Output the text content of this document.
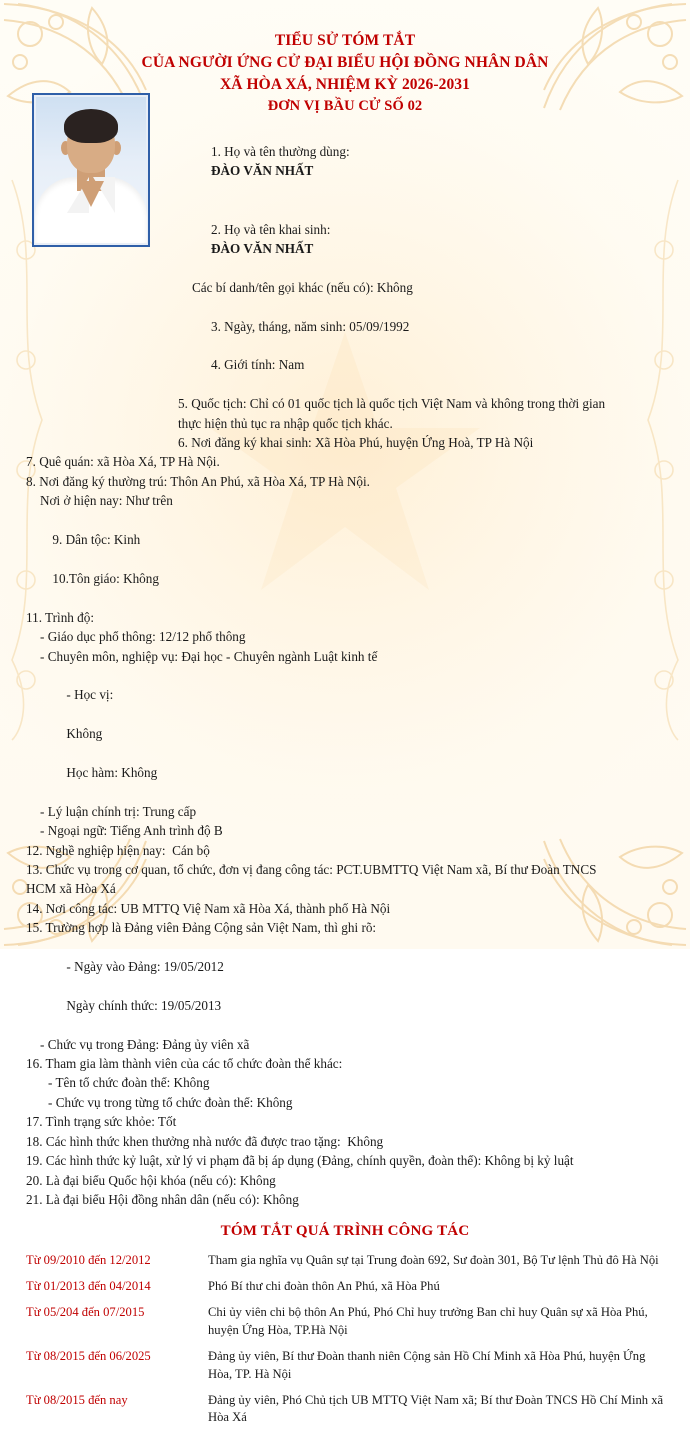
TIỂU SỬ TÓM TẮT
CỦA NGƯỜI ỨNG CỬ ĐẠI BIỂU HỘI ĐỒNG NHÂN DÂN
XÃ HÒA XÁ, NHIỆM KỲ 2026-2031
ĐƠN VỊ BẦU CỬ SỐ 02

1. Họ và tên thường dùng:
ĐÀO VĂN NHẤT

2. Họ và tên khai sinh:
ĐÀO VĂN NHẤT

Các bí danh/tên gọi khác (nếu có): Không

3. Ngày, tháng, năm sinh: 05/09/1992

4. Giới tính: Nam

5. Quốc tịch: Chỉ có 01 quốc tịch là quốc tịch Việt Nam và không trong thời gian
thực hiện thủ tục ra nhập quốc tịch khác.
6. Nơi đăng ký khai sinh: Xã Hòa Phú, huyện Ứng Hoà, TP Hà Nội
7. Quê quán: xã Hòa Xá, TP Hà Nội.
8. Nơi đăng ký thường trú: Thôn An Phú, xã Hòa Xá, TP Hà Nội.
Nơi ở hiện nay: Như trên

9. Dân tộc: Kinh

10.Tôn giáo: Không

11. Trình độ:
- Giáo dục phổ thông: 12/12 phổ thông
- Chuyên môn, nghiệp vụ: Đại học - Chuyên ngành Luật kinh tế

- Học vị:

Không

Học hàm: Không

- Lý luận chính trị: Trung cấp
- Ngoại ngữ: Tiếng Anh trình độ B
12. Nghề nghiệp hiện nay:  Cán bộ
13. Chức vụ trong cơ quan, tổ chức, đơn vị đang công tác: PCT.UBMTTQ Việt Nam xã, Bí thư Đoàn TNCS
HCM xã Hòa Xá
14. Nơi công tác: UB MTTQ Việ Nam xã Hòa Xá, thành phố Hà Nội
15. Trường hợp là Đảng viên Đảng Cộng sản Việt Nam, thì ghi rõ:

- Ngày vào Đảng: 19/05/2012

Ngày chính thức: 19/05/2013

- Chức vụ trong Đảng: Đảng ủy viên xã
16. Tham gia làm thành viên của các tổ chức đoàn thể khác:
- Tên tổ chức đoàn thể: Không
- Chức vụ trong từng tổ chức đoàn thể: Không
17. Tình trạng sức khỏe: Tốt
18. Các hình thức khen thưởng nhà nước đã được trao tặng:  Không
19. Các hình thức kỷ luật, xử lý vi phạm đã bị áp dụng (Đảng, chính quyền, đoàn thể): Không bị kỷ luật
20. Là đại biểu Quốc hội khóa (nếu có): Không
21. Là đại biểu Hội đồng nhân dân (nếu có): Không
TÓM TẮT QUÁ TRÌNH CÔNG TÁC
Từ 09/2010 đến 12/2012	Tham gia nghĩa vụ Quân sự tại Trung đoàn 692, Sư đoàn 301, Bộ Tư lệnh Thủ đô Hà Nội
Từ 01/2013 đến 04/2014	Phó Bí thư chi đoàn thôn An Phú, xã Hòa Phú
Từ 05/204 đến 07/2015	Chi ủy viên chi bộ thôn An Phú, Phó Chỉ huy trưởng Ban chỉ huy Quân sự xã Hòa Phú, huyện Ứng Hòa, TP.Hà Nội
Từ 08/2015 đến 06/2025	Đảng ủy viên, Bí thư Đoàn thanh niên Cộng sản Hồ Chí Minh xã Hòa Phú, huyện Ứng Hòa, TP. Hà Nội
Từ 08/2015 đến nay	Đảng ủy viên, Phó Chủ tịch UB MTTQ Việt Nam xã; Bí thư Đoàn TNCS Hồ Chí Minh xã Hòa Xá
